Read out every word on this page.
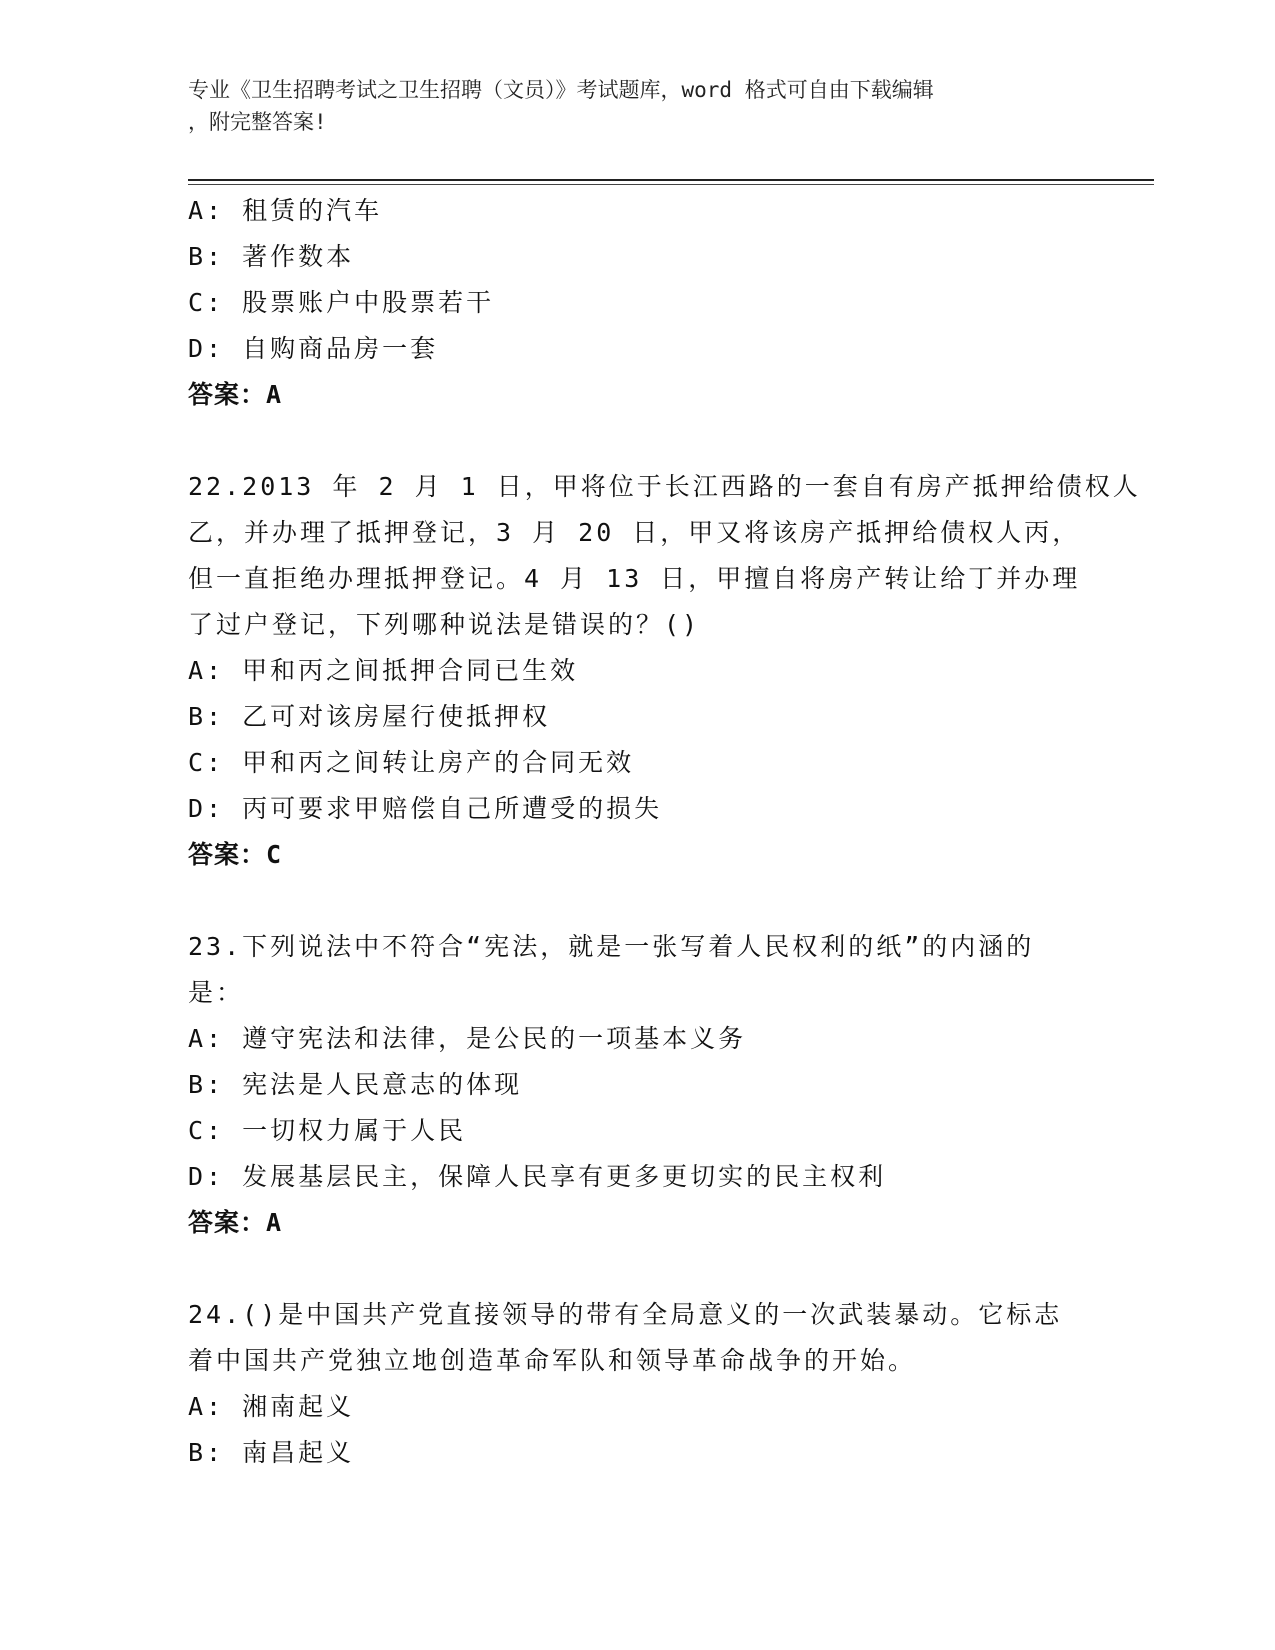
专业《卫生招聘考试之卫生招聘（文员）》考试题库，word 格式可自由下载编辑
，附完整答案!
A: 租赁的汽车
B: 著作数本
C: 股票账户中股票若干
D: 自购商品房一套
答案：A
22.2013 年 2 月 1 日，甲将位于长江西路的一套自有房产抵押给债权人
乙，并办理了抵押登记，3 月 20 日，甲又将该房产抵押给债权人丙，
但一直拒绝办理抵押登记。4 月 13 日，甲擅自将房产转让给丁并办理
了过户登记，下列哪种说法是错误的？()
A: 甲和丙之间抵押合同已生效
B: 乙可对该房屋行使抵押权
C: 甲和丙之间转让房产的合同无效
D: 丙可要求甲赔偿自己所遭受的损失
答案：C
23.下列说法中不符合“宪法，就是一张写着人民权利的纸”的内涵的
是：
A: 遵守宪法和法律，是公民的一项基本义务
B: 宪法是人民意志的体现
C: 一切权力属于人民
D: 发展基层民主，保障人民享有更多更切实的民主权利
答案：A
24.()是中国共产党直接领导的带有全局意义的一次武装暴动。它标志
着中国共产党独立地创造革命军队和领导革命战争的开始。
A: 湘南起义
B: 南昌起义
